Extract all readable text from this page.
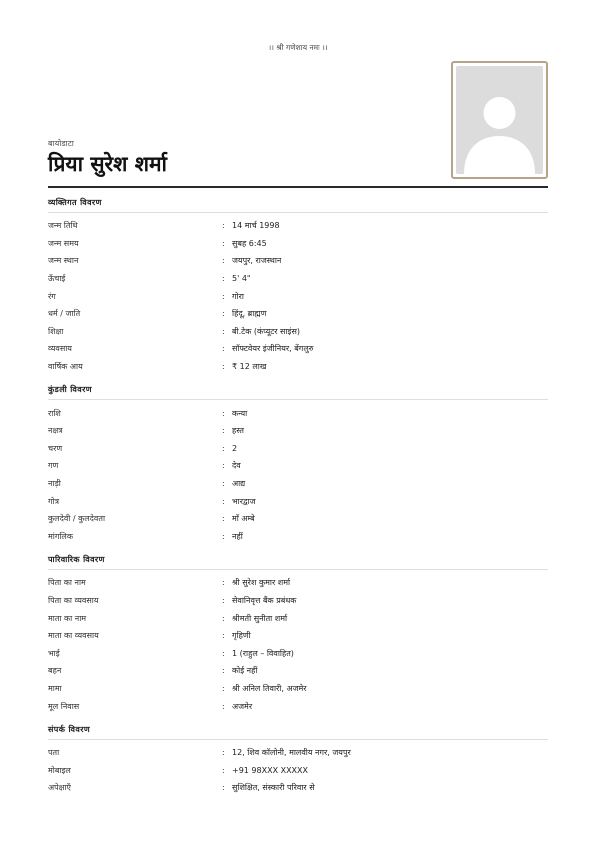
।। श्री गणेशाय नमः ।।
बायोडाटा
प्रिया सुरेश शर्मा
व्यक्तिगत विवरण
जन्म तिथि	: 14 मार्च 1998
जन्म समय	: सुबह 6:45
जन्म स्थान	: जयपुर, राजस्थान
ऊँचाई	: 5' 4"
रंग	: गोरा
धर्म / जाति	: हिंदू, ब्राह्मण
शिक्षा	: बी.टेक (कंप्यूटर साइंस)
व्यवसाय	: सॉफ्टवेयर इंजीनियर, बेंगलुरु
वार्षिक आय	: ₹ 12 लाख
कुंडली विवरण
राशि	: कन्या
नक्षत्र	: हस्त
चरण	: 2
गण	: देव
नाड़ी	: आद्य
गोत्र	: भारद्वाज
कुलदेवी / कुलदेवता	: माँ अम्बे
मांगलिक	: नहीं
पारिवारिक विवरण
पिता का नाम	: श्री सुरेश कुमार शर्मा
पिता का व्यवसाय	: सेवानिवृत्त बैंक प्रबंधक
माता का नाम	: श्रीमती सुनीता शर्मा
माता का व्यवसाय	: गृहिणी
भाई	: 1 (राहुल – विवाहित)
बहन	: कोई नहीं
मामा	: श्री अनिल तिवारी, अजमेर
मूल निवास	: अजमेर
संपर्क विवरण
पता	: 12, शिव कॉलोनी, मालवीय नगर, जयपुर
मोबाइल	: +91 98XXX XXXXX
अपेक्षाएँ	: सुशिक्षित, संस्कारी परिवार से
